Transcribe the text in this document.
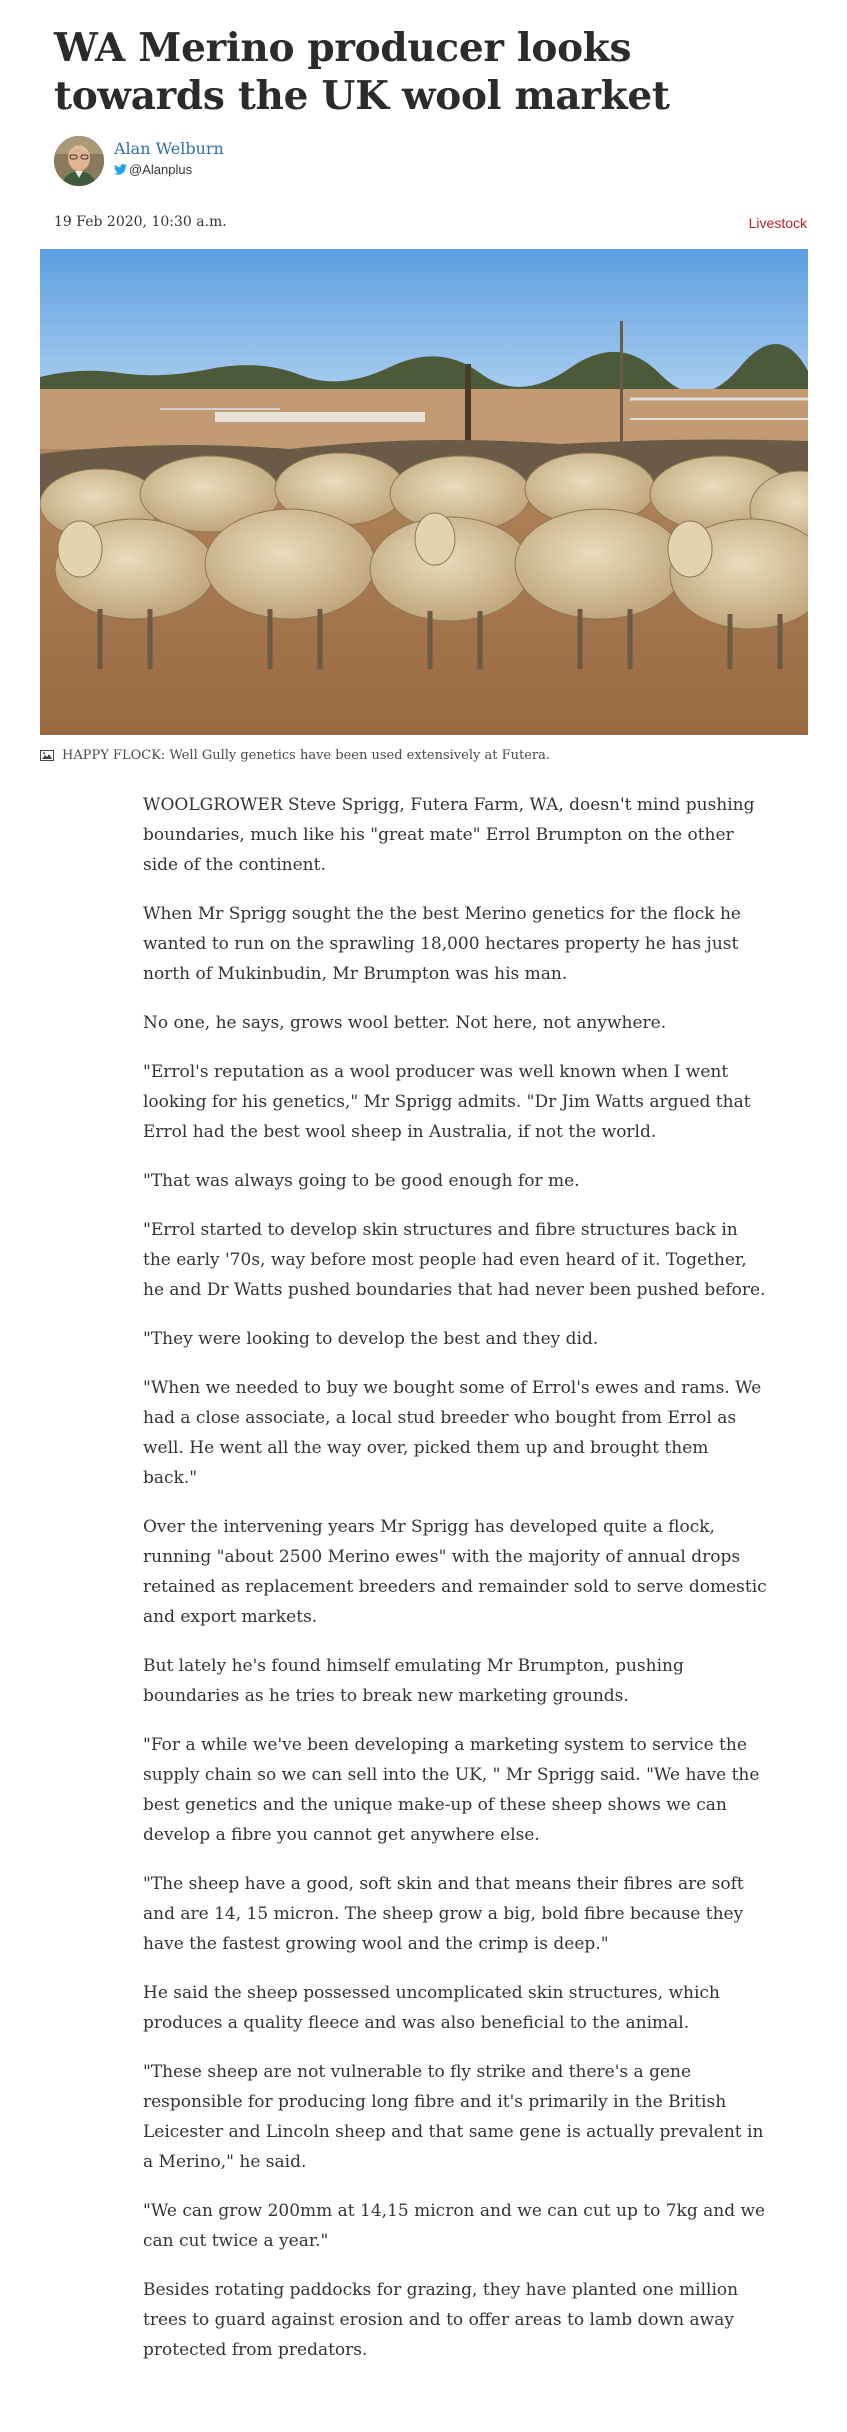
WA Merino producer looks towards the UK wool market
Alan Welburn
@Alanplus
19 Feb 2020, 10:30 a.m.	Livestock
HAPPY FLOCK: Well Gully genetics have been used extensively at Futera.

WOOLGROWER Steve Sprigg, Futera Farm, WA, doesn't mind pushing boundaries, much like his "great mate" Errol Brumpton on the other side of the continent.

When Mr Sprigg sought the the best Merino genetics for the flock he wanted to run on the sprawling 18,000 hectares property he has just north of Mukinbudin, Mr Brumpton was his man.

No one, he says, grows wool better. Not here, not anywhere.

"Errol's reputation as a wool producer was well known when I went looking for his genetics," Mr Sprigg admits. "Dr Jim Watts argued that Errol had the best wool sheep in Australia, if not the world.

"That was always going to be good enough for me.

"Errol started to develop skin structures and fibre structures back in the early '70s, way before most people had even heard of it. Together, he and Dr Watts pushed boundaries that had never been pushed before.

"They were looking to develop the best and they did.

"When we needed to buy we bought some of Errol's ewes and rams. We had a close associate, a local stud breeder who bought from Errol as well. He went all the way over, picked them up and brought them back."

Over the intervening years Mr Sprigg has developed quite a flock, running "about 2500 Merino ewes" with the majority of annual drops retained as replacement breeders and remainder sold to serve domestic and export markets.

But lately he's found himself emulating Mr Brumpton, pushing boundaries as he tries to break new marketing grounds.

"For a while we've been developing a marketing system to service the supply chain so we can sell into the UK, " Mr Sprigg said. "We have the best genetics and the unique make-up of these sheep shows we can develop a fibre you cannot get anywhere else.

"The sheep have a good, soft skin and that means their fibres are soft and are 14, 15 micron. The sheep grow a big, bold fibre because they have the fastest growing wool and the crimp is deep."

He said the sheep possessed uncomplicated skin structures, which produces a quality fleece and was also beneficial to the animal.

"These sheep are not vulnerable to fly strike and there's a gene responsible for producing long fibre and it's primarily in the British Leicester and Lincoln sheep and that same gene is actually prevalent in a Merino," he said.

"We can grow 200mm at 14,15 micron and we can cut up to 7kg and we can cut twice a year."

Besides rotating paddocks for grazing, they have planted one million trees to guard against erosion and to offer areas to lamb down away protected from predators.
